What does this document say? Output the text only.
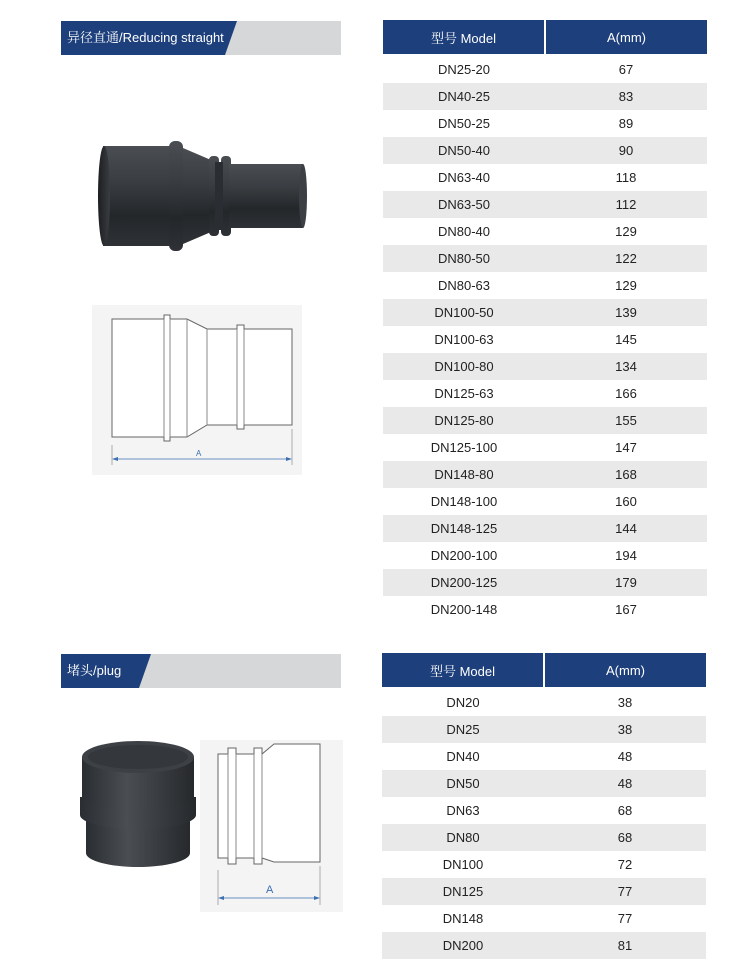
异径直通/Reducing straight
A
型号 Model	A(mm)
DN25-20	67
DN40-25	83
DN50-25	89
DN50-40	90
DN63-40	118
DN63-50	112
DN80-40	129
DN80-50	122
DN80-63	129
DN100-50	139
DN100-63	145
DN100-80	134
DN125-63	166
DN125-80	155
DN125-100	147
DN148-80	168
DN148-100	160
DN148-125	144
DN200-100	194
DN200-125	179
DN200-148	167
堵头/plug
A
型号 Model	A(mm)
DN20	38
DN25	38
DN40	48
DN50	48
DN63	68
DN80	68
DN100	72
DN125	77
DN148	77
DN200	81
